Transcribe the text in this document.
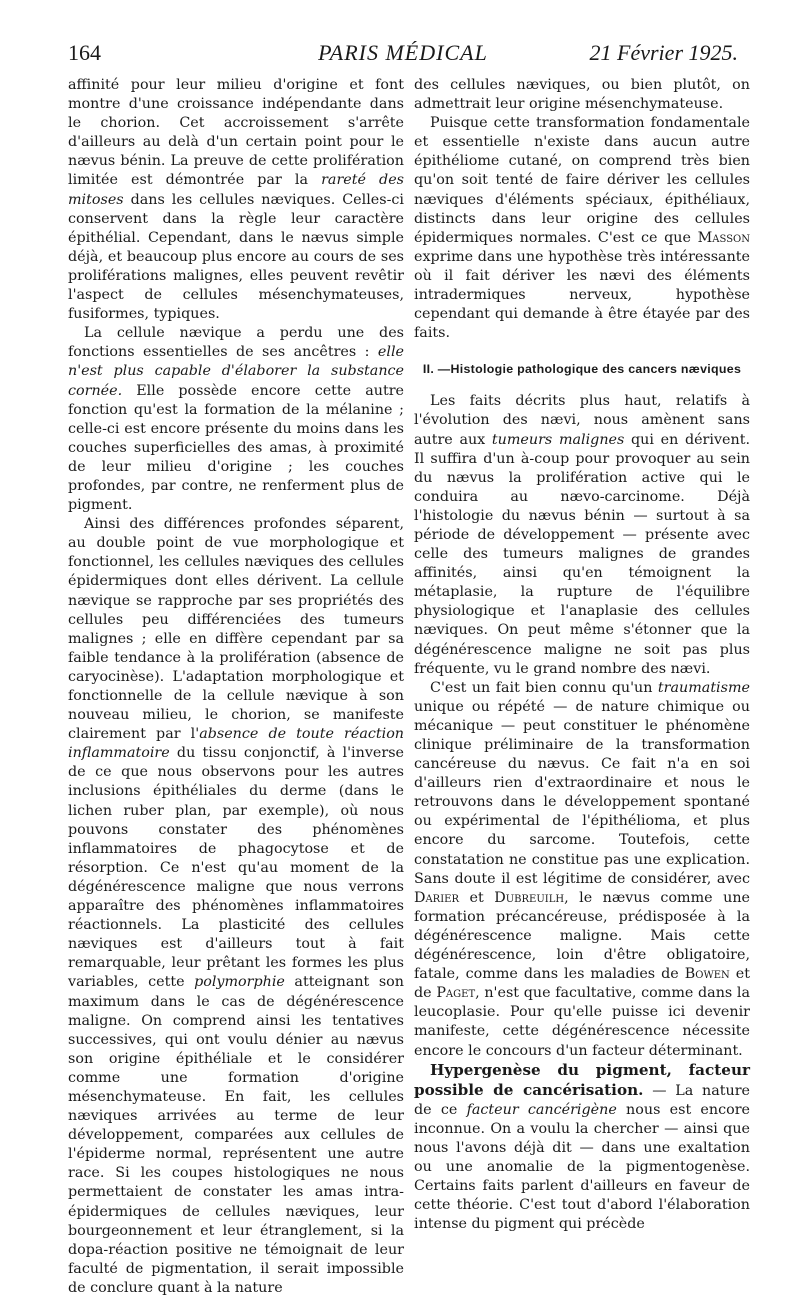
164	PARIS MÉDICAL	21 Février 1925.

affinité pour leur milieu d'origine et font montre d'une croissance indépendante dans le chorion. Cet accroissement s'arrête d'ailleurs au delà d'un certain point pour le nævus bénin. La preuve de cette prolifération limitée est démontrée par la rareté des mitoses dans les cellules næviques. Celles-ci conservent dans la règle leur caractère épithélial. Cependant, dans le nævus simple déjà, et beaucoup plus encore au cours de ses proliférations malignes, elles peuvent revêtir l'aspect de cellules mésenchymateuses, fusiformes, typiques.

La cellule nævique a perdu une des fonctions essentielles de ses ancêtres : elle n'est plus capable d'élaborer la substance cornée. Elle possède encore cette autre fonction qu'est la formation de la mélanine ; celle-ci est encore présente du moins dans les couches superficielles des amas, à proximité de leur milieu d'origine ; les couches profondes, par contre, ne renferment plus de pigment.

Ainsi des différences profondes séparent, au double point de vue morphologique et fonctionnel, les cellules næviques des cellules épidermiques dont elles dérivent. La cellule nævique se rapproche par ses propriétés des cellules peu différenciées des tumeurs malignes ; elle en diffère cependant par sa faible tendance à la prolifération (absence de caryocinèse). L'adaptation morphologique et fonctionnelle de la cellule nævique à son nouveau milieu, le chorion, se manifeste clairement par l'absence de toute réaction inflammatoire du tissu conjonctif, à l'inverse de ce que nous observons pour les autres inclusions épithéliales du derme (dans le lichen ruber plan, par exemple), où nous pouvons constater des phénomènes inflammatoires de phagocytose et de résorption. Ce n'est qu'au moment de la dégénérescence maligne que nous verrons apparaître des phénomènes inflammatoires réactionnels. La plasticité des cellules næviques est d'ailleurs tout à fait remarquable, leur prêtant les formes les plus variables, cette polymorphie atteignant son maximum dans le cas de dégénérescence maligne. On comprend ainsi les tentatives successives, qui ont voulu dénier au nævus son origine épithéliale et le considérer comme une formation d'origine mésenchymateuse. En fait, les cellules næviques arrivées au terme de leur développement, comparées aux cellules de l'épiderme normal, représentent une autre race. Si les coupes histologiques ne nous permettaient de constater les amas intra-épidermiques de cellules næviques, leur bourgeonnement et leur étranglement, si la dopa-réaction positive ne témoignait de leur faculté de pigmentation, il serait impossible de conclure quant à la nature

des cellules næviques, ou bien plutôt, on admettrait leur origine mésenchymateuse.

Puisque cette transformation fondamentale et essentielle n'existe dans aucun autre épithéliome cutané, on comprend très bien qu'on soit tenté de faire dériver les cellules næviques d'éléments spéciaux, épithéliaux, distincts dans leur origine des cellules épidermiques normales. C'est ce que Masson exprime dans une hypothèse très intéressante où il fait dériver les nævi des éléments intradermiques nerveux, hypothèse cependant qui demande à être étayée par des faits.

II. —Histologie pathologique des cancers næviques

Les faits décrits plus haut, relatifs à l'évolution des nævi, nous amènent sans autre aux tumeurs malignes qui en dérivent. Il suffira d'un à-coup pour provoquer au sein du nævus la prolifération active qui le conduira au nævo-carcinome. Déjà l'histologie du nævus bénin — surtout à sa période de développement — présente avec celle des tumeurs malignes de grandes affinités, ainsi qu'en témoignent la métaplasie, la rupture de l'équilibre physiologique et l'anaplasie des cellules næviques. On peut même s'étonner que la dégénérescence maligne ne soit pas plus fréquente, vu le grand nombre des nævi.

C'est un fait bien connu qu'un traumatisme unique ou répété — de nature chimique ou mécanique — peut constituer le phénomène clinique préliminaire de la transformation cancéreuse du nævus. Ce fait n'a en soi d'ailleurs rien d'extraordinaire et nous le retrouvons dans le développement spontané ou expérimental de l'épithélioma, et plus encore du sarcome. Toutefois, cette constatation ne constitue pas une explication. Sans doute il est légitime de considérer, avec Darier et Dubreuilh, le nævus comme une formation précancéreuse, prédisposée à la dégénérescence maligne. Mais cette dégénérescence, loin d'être obligatoire, fatale, comme dans les maladies de Bowen et de Paget, n'est que facultative, comme dans la leucoplasie. Pour qu'elle puisse ici devenir manifeste, cette dégénérescence nécessite encore le concours d'un facteur déterminant.

Hypergenèse du pigment, facteur possible de cancérisation. — La nature de ce facteur cancérigène nous est encore inconnue. On a voulu la chercher — ainsi que nous l'avons déjà dit — dans une exaltation ou une anomalie de la pigmentogenèse. Certains faits parlent d'ailleurs en faveur de cette théorie. C'est tout d'abord l'élaboration intense du pigment qui précède
